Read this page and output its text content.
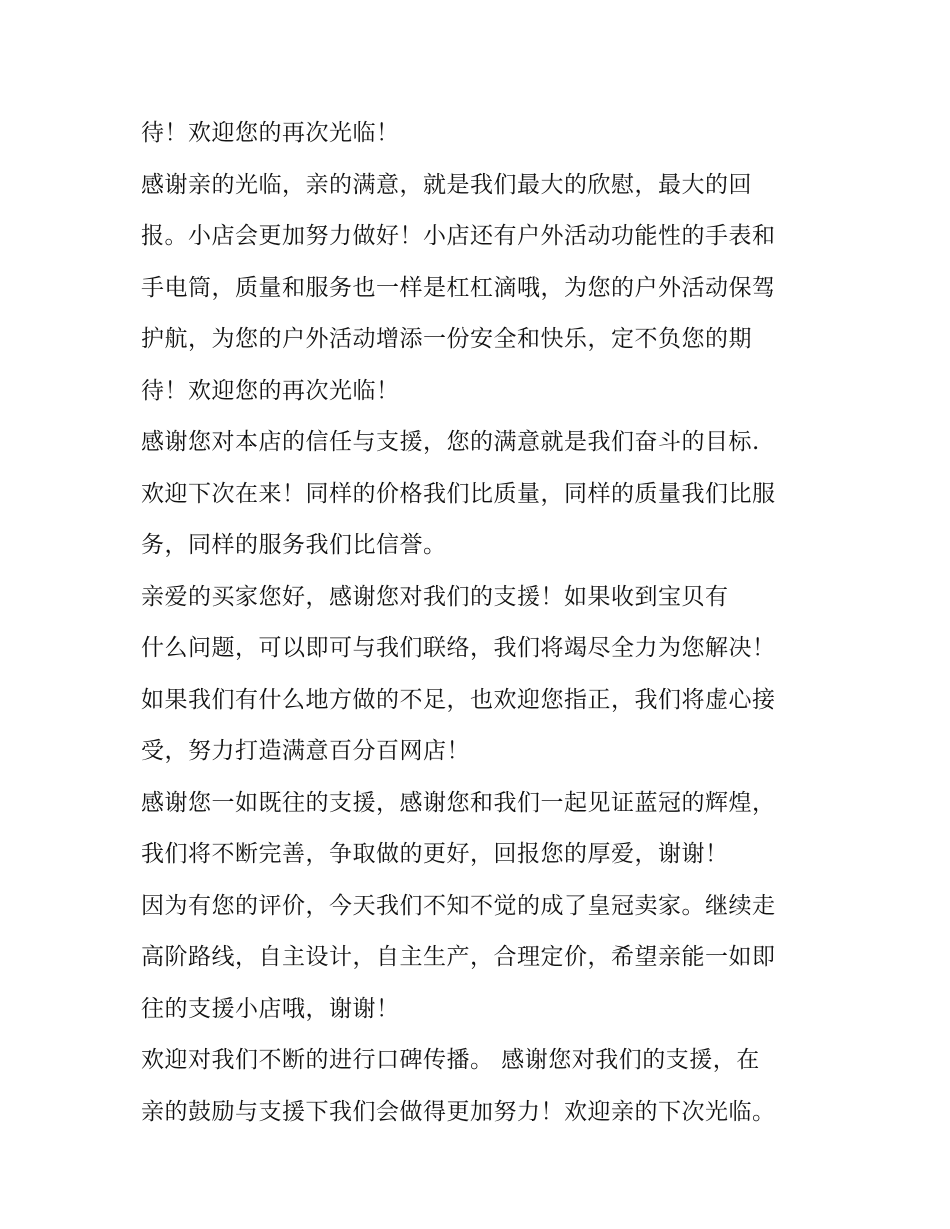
待！欢迎您的再次光临！
感谢亲的光临，亲的满意，就是我们最大的欣慰，最大的回
报。小店会更加努力做好！小店还有户外活动功能性的手表和
手电筒，质量和服务也一样是杠杠滴哦，为您的户外活动保驾
护航，为您的户外活动增添一份安全和快乐，定不负您的期
待！欢迎您的再次光临！
感谢您对本店的信任与支援，您的满意就是我们奋斗的目标.
欢迎下次在来！同样的价格我们比质量，同样的质量我们比服
务，同样的服务我们比信誉。
亲爱的买家您好，感谢您对我们的支援！如果收到宝贝有
什么问题，可以即可与我们联络，我们将竭尽全力为您解决！
如果我们有什么地方做的不足，也欢迎您指正，我们将虚心接
受，努力打造满意百分百网店！
感谢您一如既往的支援，感谢您和我们一起见证蓝冠的辉煌，
我们将不断完善，争取做的更好，回报您的厚爱，谢谢！
因为有您的评价，今天我们不知不觉的成了皇冠卖家。继续走
高阶路线，自主设计，自主生产，合理定价，希望亲能一如即
往的支援小店哦，谢谢！
欢迎对我们不断的进行口碑传播。 感谢您对我们的支援，在
亲的鼓励与支援下我们会做得更加努力！欢迎亲的下次光临。
